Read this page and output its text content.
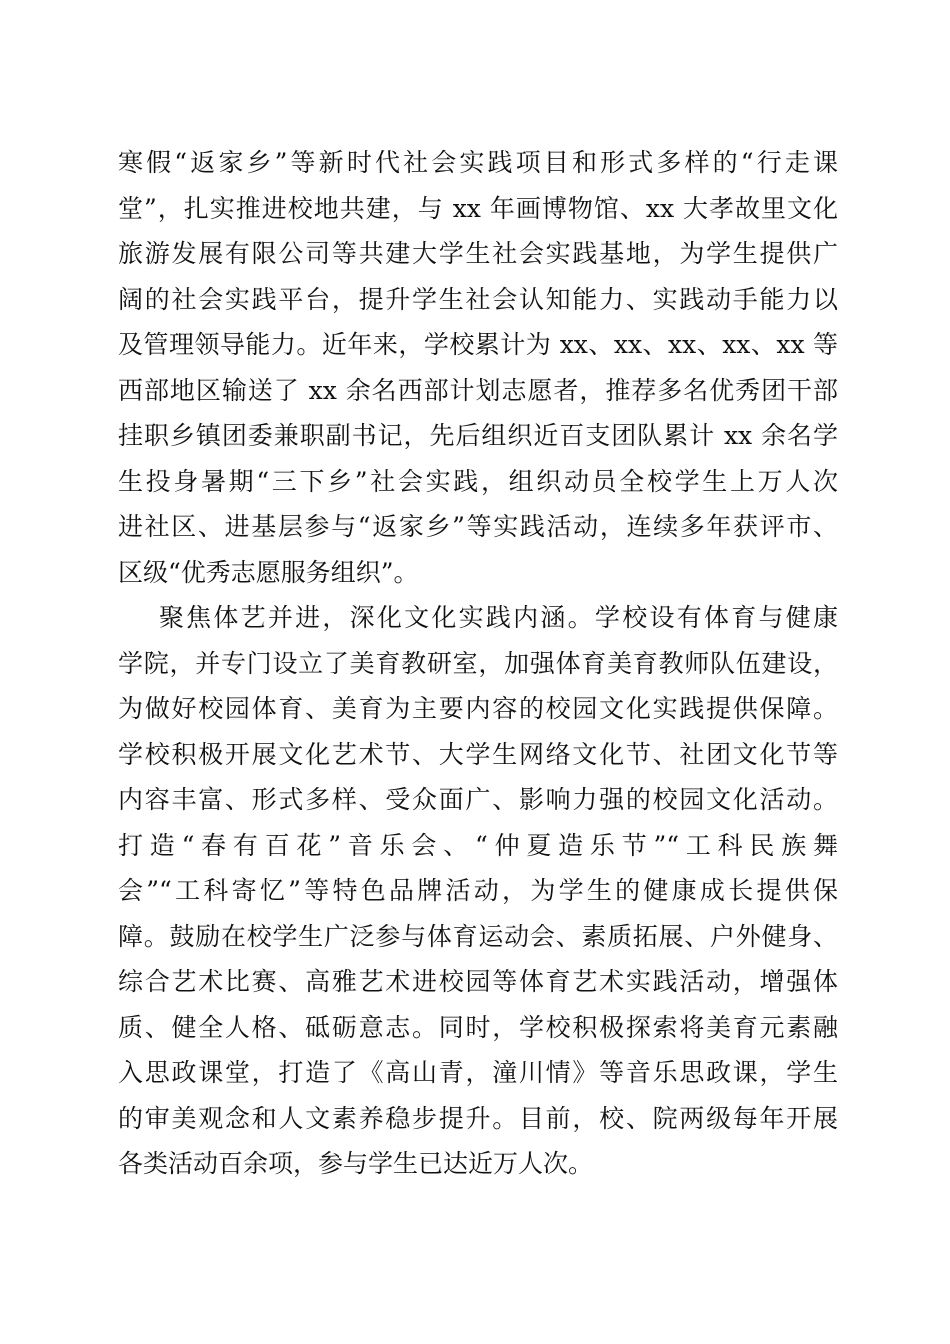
寒假“返家乡”等新时代社会实践项目和形式多样的“行走课
堂”，扎实推进校地共建，与 xx 年画博物馆、xx 大孝故里文化
旅游发展有限公司等共建大学生社会实践基地，为学生提供广
阔的社会实践平台，提升学生社会认知能力、实践动手能力以
及管理领导能力。近年来，学校累计为 xx、xx、xx、xx、xx 等
西部地区输送了 xx 余名西部计划志愿者，推荐多名优秀团干部
挂职乡镇团委兼职副书记，先后组织近百支团队累计 xx 余名学
生投身暑期“三下乡”社会实践，组织动员全校学生上万人次
进社区、进基层参与“返家乡”等实践活动，连续多年获评市、
区级“优秀志愿服务组织”。
聚焦体艺并进，深化文化实践内涵。学校设有体育与健康
学院，并专门设立了美育教研室，加强体育美育教师队伍建设，
为做好校园体育、美育为主要内容的校园文化实践提供保障。
学校积极开展文化艺术节、大学生网络文化节、社团文化节等
内容丰富、形式多样、受众面广、影响力强的校园文化活动。
打造“春有百花”音乐会、“仲夏造乐节”“工科民族舞
会”“工科寄忆”等特色品牌活动，为学生的健康成长提供保
障。鼓励在校学生广泛参与体育运动会、素质拓展、户外健身、
综合艺术比赛、高雅艺术进校园等体育艺术实践活动，增强体
质、健全人格、砥砺意志。同时，学校积极探索将美育元素融
入思政课堂，打造了《高山青，潼川情》等音乐思政课，学生
的审美观念和人文素养稳步提升。目前，校、院两级每年开展
各类活动百余项，参与学生已达近万人次。
